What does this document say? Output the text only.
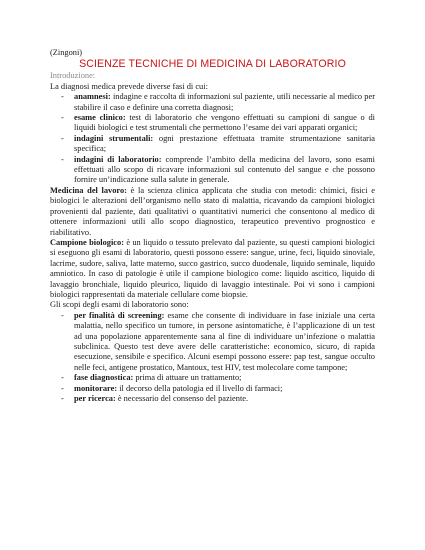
(Zingoni)

SCIENZE TECNICHE DI MEDICINA DI LABORATORIO

Introduzione:

La diagnosi medica prevede diverse fasi di cui:

- anamnesi: indagine e raccolta di informazioni sul paziente, utili necessarie al medico per stabilire il caso e definire una corretta diagnosi;
- esame clinico: test di laboratorio che vengono effettuati su campioni di sangue o di liquidi biologici e test strumentali che permettono l’esame dei vari apparati organici;
- indagini strumentali: ogni prestazione effettuata tramite strumentazione sanitaria specifica;
- indagini di laboratorio: comprende l’ambito della medicina del lavoro, sono esami effettuati allo scopo di ricavare informazioni sul contenuto del sangue e che possono fornire un’indicazione sulla salute in generale.

Medicina del lavoro: è la scienza clinica applicata che studia con metodi: chimici, fisici e biologici le alterazioni dell’organismo nello stato di malattia, ricavando da campioni biologici provenienti dal paziente, dati qualitativi o quantitativi numerici che consentono al medico di ottenere informazioni utili allo scopo diagnostico, terapeutico preventivo prognostico e riabilitativo.

Campione biologico: è un liquido o tessuto prelevato dal paziente, su questi campioni biologici si eseguono gli esami di laboratorio, questi possono essere: sangue, urine, feci, liquido sinoviale, lacrime, sudore, saliva, latte materno, succo gastrico, succo duodenale, liquido seminale, liquido amniotico. In caso di patologie è utile il campione biologico come: liquido ascitico, liquido di lavaggio bronchiale, liquido pleurico, liquido di lavaggio intestinale. Poi vi sono i campioni biologici rappresentati da materiale cellulare come biopsie.

Gli scopi degli esami di laboratorio sono:

- per finalità di screening: esame che consente di individuare in fase iniziale una certa malattia, nello specifico un tumore, in persone asintomatiche, è l’applicazione di un test ad una popolazione apparentemente sana al fine di individuare un’infezione o malattia subclinica. Questo test deve avere delle caratteristiche: economico, sicuro, di rapida esecuzione, sensibile e specifico. Alcuni esempi possono essere: pap test, sangue occulto nelle feci, antigene prostatico, Mantoux, test HIV, test molecolare come tampone;
- fase diagnostica: prima di attuare un trattamento;
- monitorare: il decorso della patologia ed il livello di farmaci;
- per ricerca: è necessario del consenso del paziente.
